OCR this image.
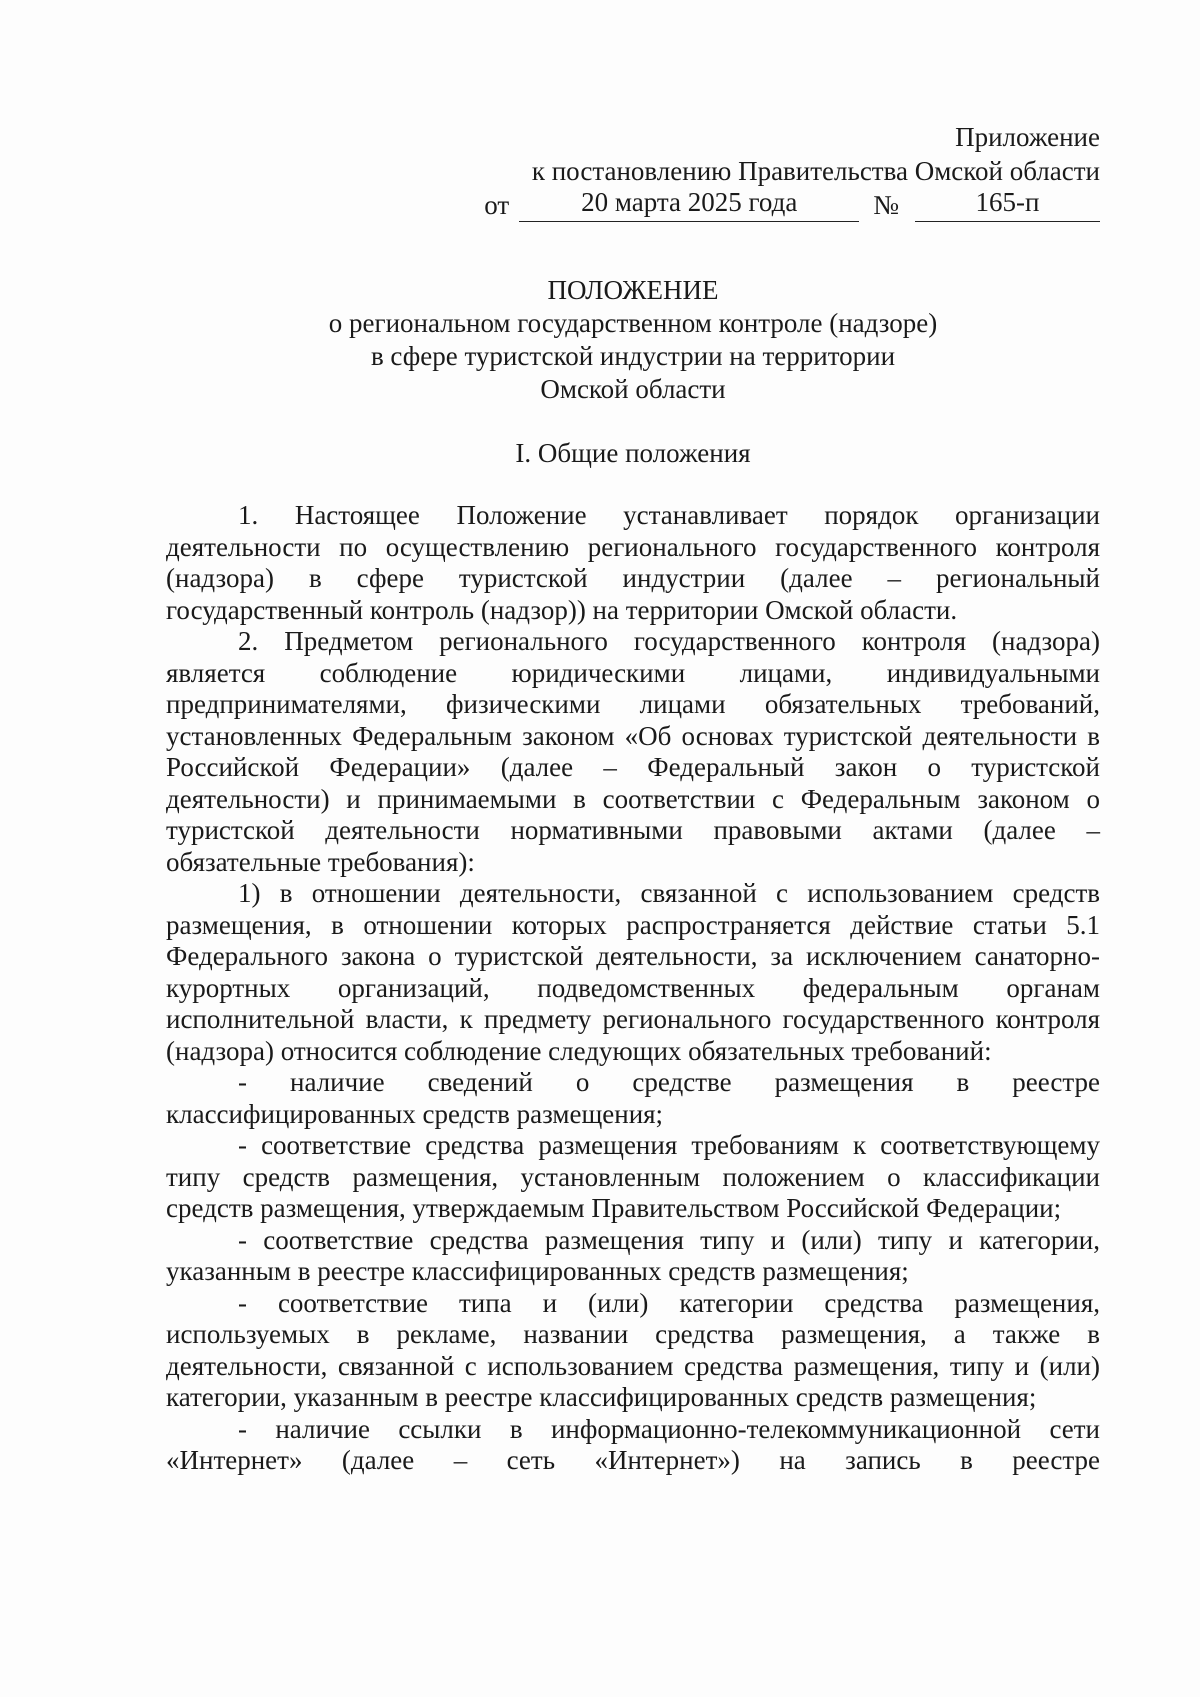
Приложение
к постановлению Правительства Омской области
от	20 марта 2025 года	№	165-п
ПОЛОЖЕНИЕ
о региональном государственном контроле (надзоре)
в сфере туристской индустрии на территории
Омской области
I. Общие положения

1. Настоящее Положение устанавливает порядок организации деятельности по осуществлению регионального государственного контроля (надзора) в сфере туристской индустрии (далее – региональный государственный контроль (надзор)) на территории Омской области.

2. Предметом регионального государственного контроля (надзора) является соблюдение юридическими лицами, индивидуальными предпринимателями, физическими лицами обязательных требований, установленных Федеральным законом «Об основах туристской деятельности в Российской Федерации» (далее – Федеральный закон о туристской деятельности) и принимаемыми в соответствии с Федеральным законом о туристской деятельности нормативными правовыми актами (далее – обязательные требования):

1) в отношении деятельности, связанной с использованием средств размещения, в отношении которых распространяется действие статьи 5.1 Федерального закона о туристской деятельности, за исключением санаторно-курортных организаций, подведомственных федеральным органам исполнительной власти, к предмету регионального государственного контроля (надзора) относится соблюдение следующих обязательных требований:

- наличие сведений о средстве размещения в реестре классифицированных средств размещения;

- соответствие средства размещения требованиям к соответствующему типу средств размещения, установленным положением о классификации средств размещения, утверждаемым Правительством Российской Федерации;

- соответствие средства размещения типу и (или) типу и категории, указанным в реестре классифицированных средств размещения;

- соответствие типа и (или) категории средства размещения, используемых в рекламе, названии средства размещения, а также в деятельности, связанной с использованием средства размещения, типу и (или) категории, указанным в реестре классифицированных средств размещения;

- наличие ссылки в информационно-телекоммуникационной сети «Интернет» (далее – сеть «Интернет») на запись в реестре
